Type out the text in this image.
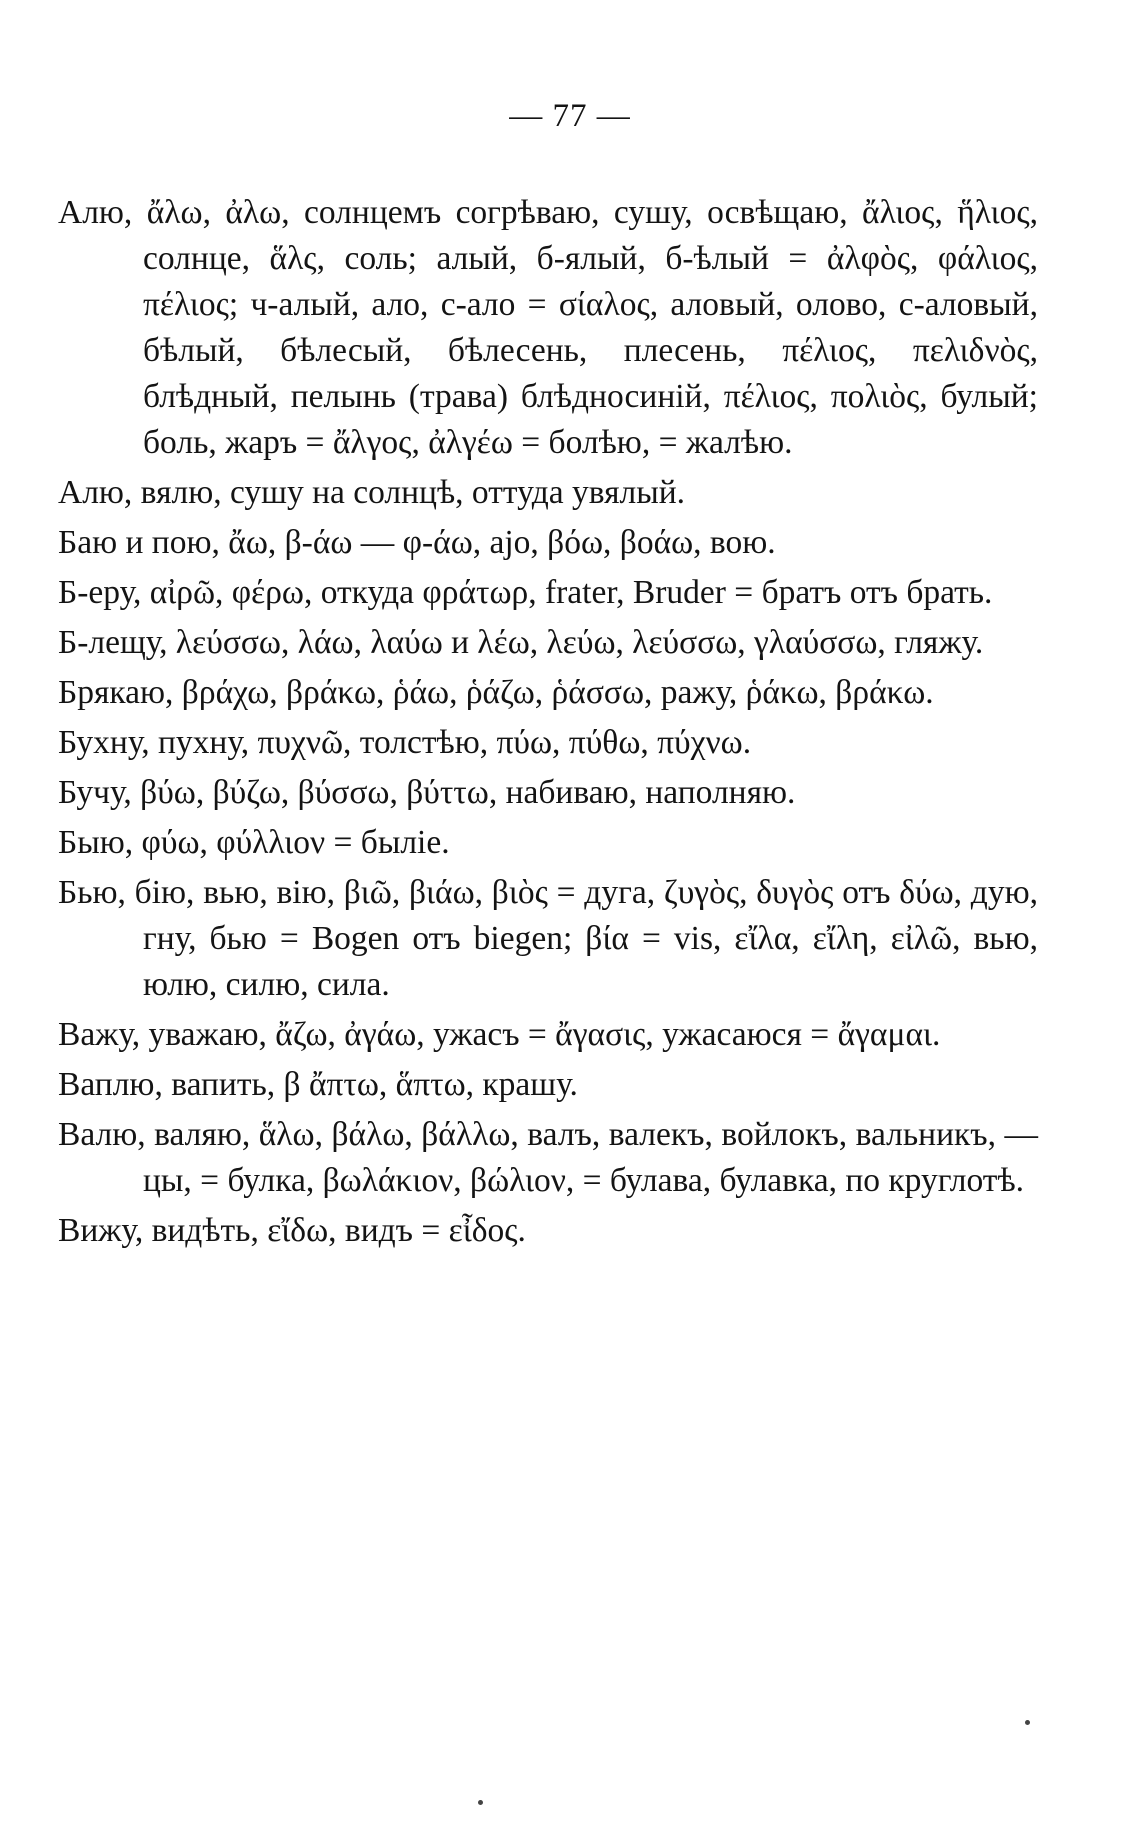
— 77 —

Алю, ἄλω, ἀλω, солнцемъ согрѣваю, сушу, освѣщаю, ἄλιος, ἥλιος, солнце, ἅλς, соль; алый, б-ялый, б-ѣлый = ἀλφὸς, φάλιος, πέλιος; ч-алый, ало, с-ало = σίαλος, аловый, олово, с-аловый, бѣлый, бѣлесый, бѣлесень, плесень, πέλιος, πελιδνὸς, блѣдный, пелынь (трава) блѣдносиній, πέλιος, πολιὸς, булый; боль, жаръ = ἄλγος, ἀλγέω = болѣю, = жалѣю.

Алю, вялю, сушу на солнцѣ, оттуда увялый.

Баю и пою, ἄω, β-άω — φ-άω, ajo, βόω, βοάω, вою.

Б-еру, αἰρῶ, φέρω, откуда φράτωρ, frater, Bruder = братъ отъ брать.

Б-лещу, λεύσσω, λάω, λαύω и λέω, λεύω, λεύσσω, γλαύσσω, гляжу.

Брякаю, βράχω, βράκω, ῥάω, ῥάζω, ῥάσσω, ражу, ῥάκω, βράκω.

Бухну, пухну, πυχνῶ, толстѣю, πύω, πύθω, πύχνω.

Бучу, βύω, βύζω, βύσσω, βύττω, набиваю, наполняю.

Быю, φύω, φύλλιον = быліе.

Бью, бію, вью, вію, βιῶ, βιάω, βιὸς = дуга, ζυγὸς, δυγὸς отъ δύω, дую, гну, бью = Bogen отъ biegen; βία = vis, εἴλα, εἴλη, εἰλῶ, вью, юлю, силю, сила.

Важу, уважаю, ἄζω, ἀγάω, ужасъ = ἄγασις, ужасаюся = ἄγαμαι.

Ваплю, вапить, β ἄπτω, ἅπτω, крашу.

Валю, валяю, ἅλω, βάλω, βάλλω, валъ, валекъ, войлокъ, вальникъ, — цы, = булка, βωλάκιον, βώλιον, = булава, булавка, по круглотѣ.

Вижу, видѣть, εἴδω, видъ = εἶδος.
